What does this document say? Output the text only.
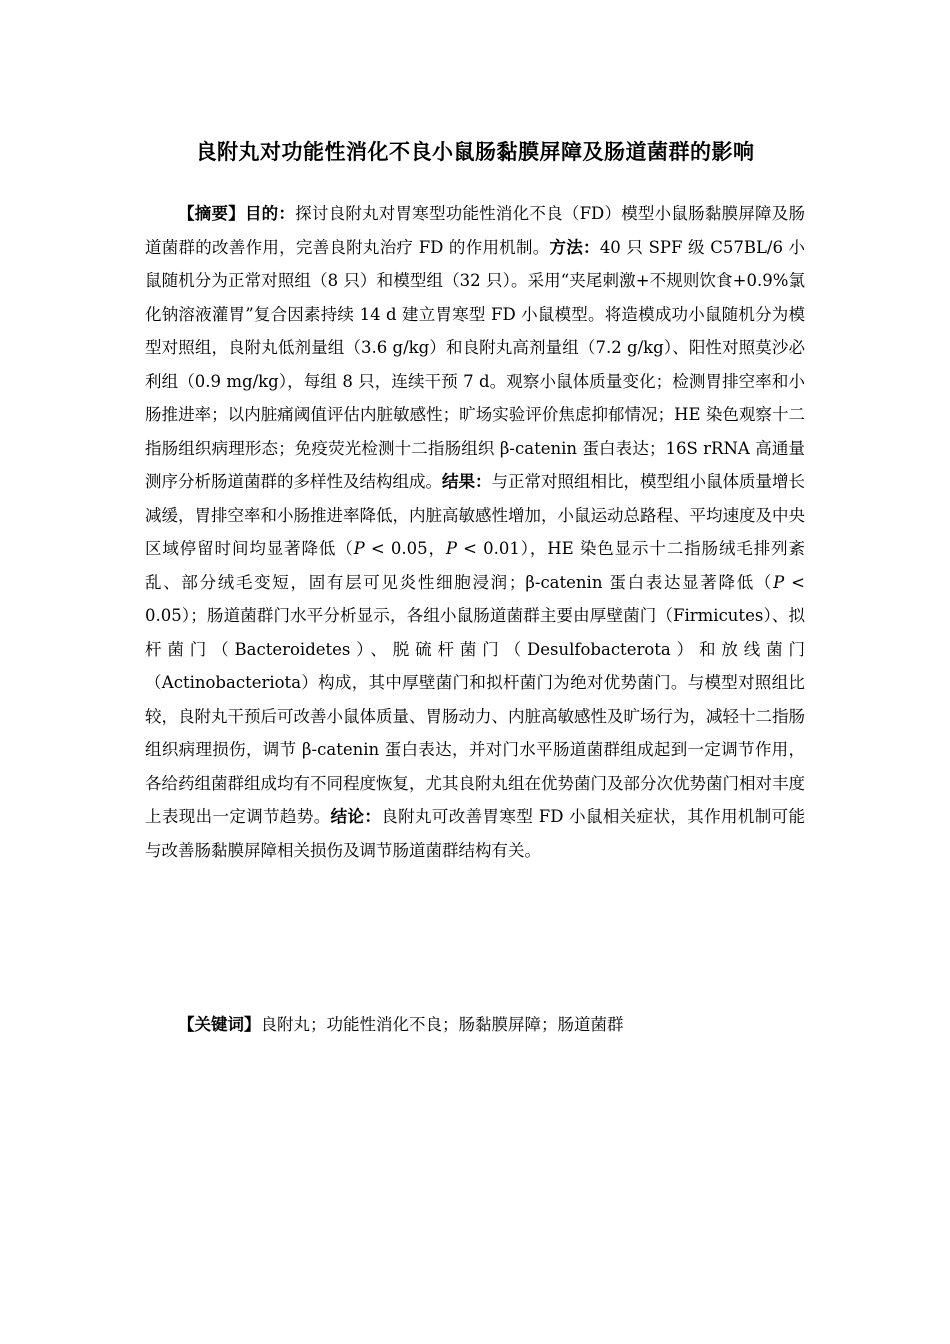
良附丸对功能性消化不良小鼠肠黏膜屏障及肠道菌群的影响

【摘要】目的：探讨良附丸对胃寒型功能性消化不良（FD）模型小鼠肠黏膜屏障及肠道菌群的改善作用，完善良附丸治疗 FD 的作用机制。方法：40 只 SPF 级 C57BL/6 小鼠随机分为正常对照组（8 只）和模型组（32 只）。采用“夹尾刺激+不规则饮食+0.9%氯化钠溶液灌胃”复合因素持续 14 d 建立胃寒型 FD 小鼠模型。将造模成功小鼠随机分为模型对照组，良附丸低剂量组（3.6 g/kg）和良附丸高剂量组（7.2 g/kg）、阳性对照莫沙必利组（0.9 mg/kg），每组 8 只，连续干预 7 d。观察小鼠体质量变化；检测胃排空率和小肠推进率；以内脏痛阈值评估内脏敏感性；旷场实验评价焦虑抑郁情况；HE 染色观察十二指肠组织病理形态；免疫荧光检测十二指肠组织 β-catenin 蛋白表达；16S rRNA 高通量测序分析肠道菌群的多样性及结构组成。结果：与正常对照组相比，模型组小鼠体质量增长减缓，胃排空率和小肠推进率降低，内脏高敏感性增加，小鼠运动总路程、平均速度及中央区域停留时间均显著降低（P < 0.05，P < 0.01），HE 染色显示十二指肠绒毛排列紊乱、部分绒毛变短，固有层可见炎性细胞浸润；β-catenin 蛋白表达显著降低（P < 0.05）；肠道菌群门水平分析显示，各组小鼠肠道菌群主要由厚壁菌门（Firmicutes）、拟杆菌门（Bacteroidetes）、脱硫杆菌门（Desulfobacterota）和放线菌门（Actinobacteriota）构成，其中厚壁菌门和拟杆菌门为绝对优势菌门。与模型对照组比较，良附丸干预后可改善小鼠体质量、胃肠动力、内脏高敏感性及旷场行为，减轻十二指肠组织病理损伤，调节 β-catenin 蛋白表达，并对门水平肠道菌群组成起到一定调节作用，各给药组菌群组成均有不同程度恢复，尤其良附丸组在优势菌门及部分次优势菌门相对丰度上表现出一定调节趋势。结论：良附丸可改善胃寒型 FD 小鼠相关症状，其作用机制可能与改善肠黏膜屏障相关损伤及调节肠道菌群结构有关。

【关键词】良附丸；功能性消化不良；肠黏膜屏障；肠道菌群
